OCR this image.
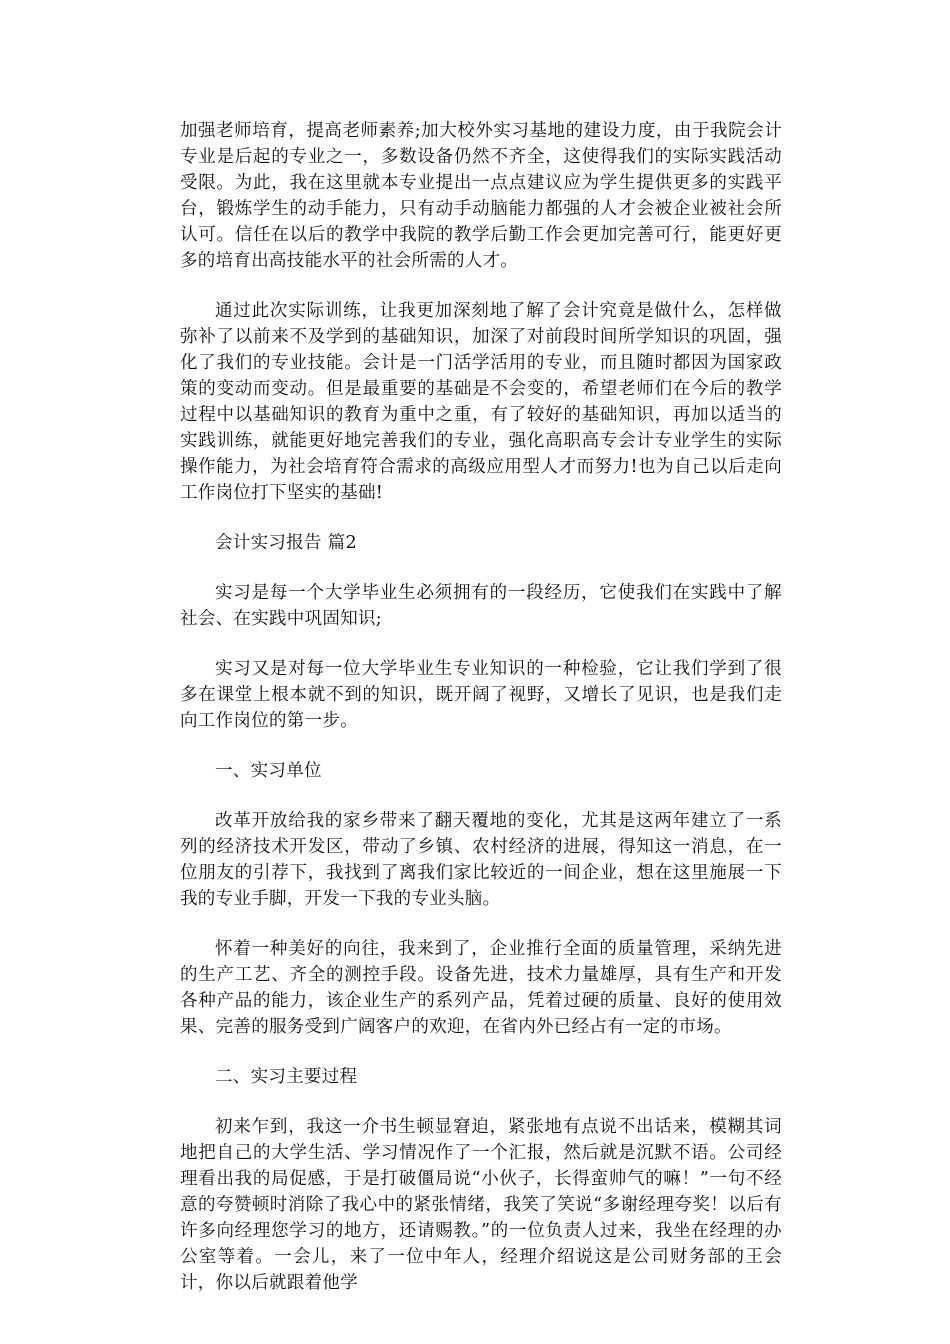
加强老师培育，提高老师素养;加大校外实习基地的建设力度，由于我院会计专业是后起的专业之一，多数设备仍然不齐全，这使得我们的实际实践活动受限。为此，我在这里就本专业提出一点点建议应为学生提供更多的实践平台，锻炼学生的动手能力，只有动手动脑能力都强的人才会被企业被社会所认可。信任在以后的教学中我院的教学后勤工作会更加完善可行，能更好更多的培育出高技能水平的社会所需的人才。

通过此次实际训练，让我更加深刻地了解了会计究竟是做什么，怎样做弥补了以前来不及学到的基础知识，加深了对前段时间所学知识的巩固，强化了我们的专业技能。会计是一门活学活用的专业，而且随时都因为国家政策的变动而变动。但是最重要的基础是不会变的，希望老师们在今后的教学过程中以基础知识的教育为重中之重，有了较好的基础知识，再加以适当的实践训练，就能更好地完善我们的专业，强化高职高专会计专业学生的实际操作能力，为社会培育符合需求的高级应用型人才而努力!也为自己以后走向工作岗位打下坚实的基础!

会计实习报告 篇2

实习是每一个大学毕业生必须拥有的一段经历，它使我们在实践中了解社会、在实践中巩固知识;

实习又是对每一位大学毕业生专业知识的一种检验，它让我们学到了很多在课堂上根本就不到的知识，既开阔了视野，又增长了见识，也是我们走向工作岗位的第一步。

一、实习单位

改革开放给我的家乡带来了翻天覆地的变化，尤其是这两年建立了一系列的经济技术开发区，带动了乡镇、农村经济的进展，得知这一消息，在一位朋友的引荐下，我找到了离我们家比较近的一间企业，想在这里施展一下我的专业手脚，开发一下我的专业头脑。

怀着一种美好的向往，我来到了，企业推行全面的质量管理，采纳先进的生产工艺、齐全的测控手段。设备先进，技术力量雄厚，具有生产和开发各种产品的能力，该企业生产的系列产品，凭着过硬的质量、良好的使用效果、完善的服务受到广阔客户的欢迎，在省内外已经占有一定的市场。

二、实习主要过程

初来乍到，我这一介书生顿显窘迫，紧张地有点说不出话来，模糊其词地把自己的大学生活、学习情况作了一个汇报，然后就是沉默不语。公司经理看出我的局促感，于是打破僵局说“小伙子，长得蛮帅气的嘛！”一句不经意的夸赞顿时消除了我心中的紧张情绪，我笑了笑说“多谢经理夸奖！以后有许多向经理您学习的地方，还请赐教。”的一位负责人过来，我坐在经理的办公室等着。一会儿，来了一位中年人，经理介绍说这是公司财务部的王会计，你以后就跟着他学
